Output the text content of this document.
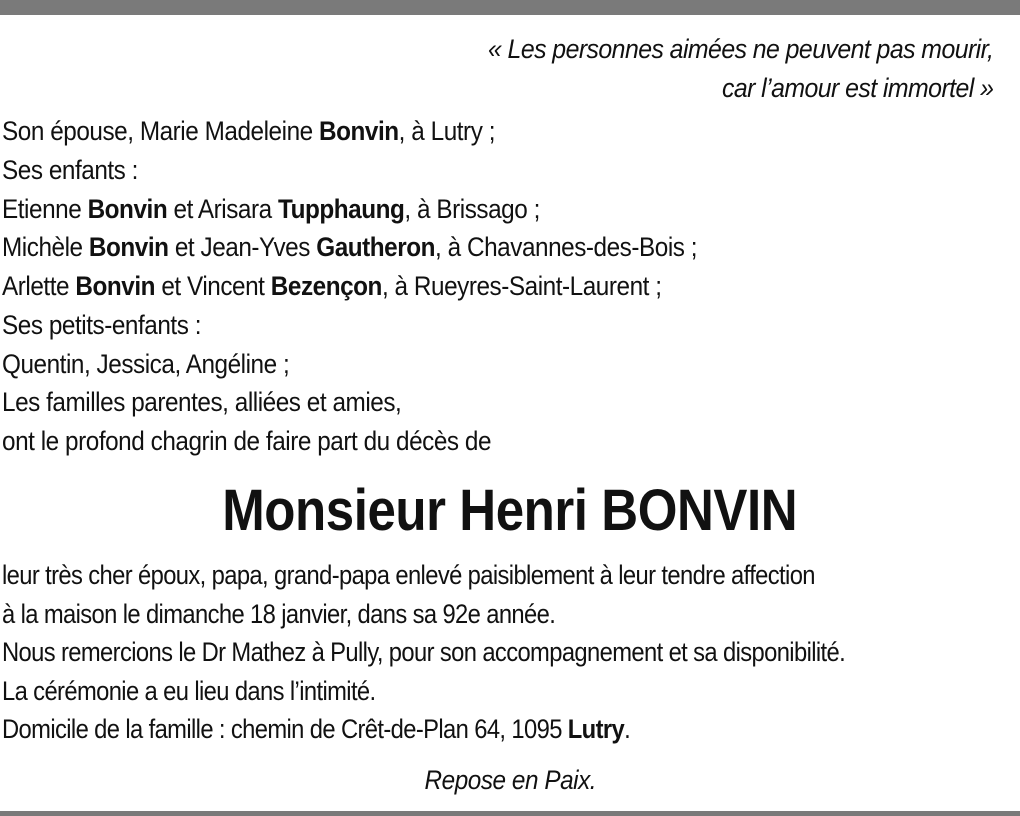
« Les personnes aimées ne peuvent pas mourir,
car l’amour est immortel »
Son épouse, Marie Madeleine Bonvin, à Lutry ;
Ses enfants :
Etienne Bonvin et Arisara Tupphaung, à Brissago ;
Michèle Bonvin et Jean-Yves Gautheron, à Chavannes-des-Bois ;
Arlette Bonvin et Vincent Bezençon, à Rueyres-Saint-Laurent ;
Ses petits-enfants :
Quentin, Jessica, Angéline ;
Les familles parentes, alliées et amies,
ont le profond chagrin de faire part du décès de
Monsieur Henri BONVIN
leur très cher époux, papa, grand-papa enlevé paisiblement à leur tendre affection
à la maison le dimanche 18 janvier, dans sa 92e année.
Nous remercions le Dr Mathez à Pully, pour son accompagnement et sa disponibilité.
La cérémonie a eu lieu dans l’intimité.
Domicile de la famille : chemin de Crêt-de-Plan 64, 1095 Lutry.
Repose en Paix.
